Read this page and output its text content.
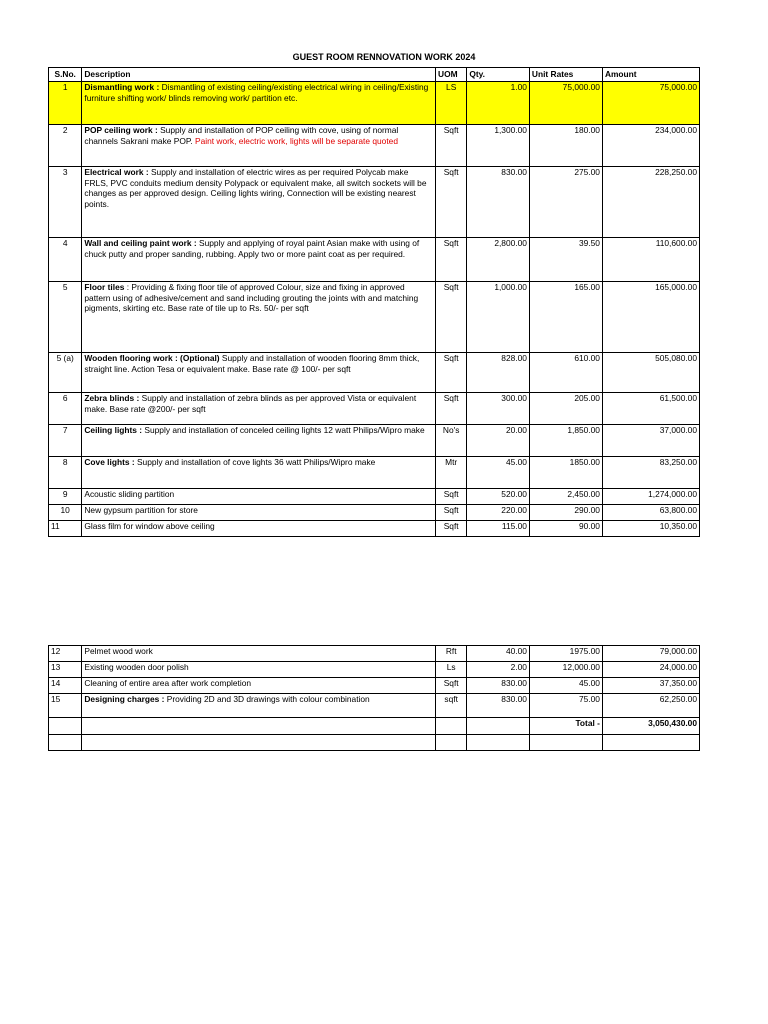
GUEST ROOM RENNOVATION WORK 2024
S.No.	Description	UOM	Qty.	Unit Rates	Amount
1	Dismantling work : Dismantling of existing ceiling/existing electrical wiring in ceiling/Existing furniture shifting work/ blinds removing work/ partition etc.	LS	1.00	75,000.00	75,000.00
2	POP ceiling work : Supply and installation of POP ceiling with cove, using of normal channels Sakrani make POP. Paint work, electric work, lights will be separate quoted	Sqft	1,300.00	180.00	234,000.00
3	Electrical work : Supply and installation of electric wires as per required Polycab make FRLS, PVC conduits medium density Polypack or equivalent make, all switch sockets will be changes as per approved design. Ceiling lights wiring, Connection will be existing nearest points.	Sqft	830.00	275.00	228,250.00
4	Wall and ceiling paint work : Supply and applying of royal paint Asian make with using of chuck putty and proper sanding, rubbing. Apply two or more paint coat as per required.	Sqft	2,800.00	39.50	110,600.00
5	Floor tiles : Providing & fixing floor tile of approved Colour, size and fixing in approved pattern using of adhesive/cement and sand including grouting the joints with and matching pigments, skirting etc. Base rate of tile up to Rs. 50/- per sqft	Sqft	1,000.00	165.00	165,000.00
5 (a)	Wooden flooring work : (Optional) Supply and installation of wooden flooring 8mm thick, straight line. Action Tesa or equivalent make. Base rate @ 100/- per sqft	Sqft	828.00	610.00	505,080.00
6	Zebra blinds : Supply and installation of zebra blinds as per approved Vista or equivalent make. Base rate @200/- per sqft	Sqft	300.00	205.00	61,500.00
7	Ceiling lights : Supply and installation of conceled ceiling lights 12 watt Philips/Wipro make	No's	20.00	1,850.00	37,000.00
8	Cove lights : Supply and installation of cove lights 36 watt Philips/Wipro make	Mtr	45.00	1850.00	83,250.00
9	Acoustic sliding partition	Sqft	520.00	2,450.00	1,274,000.00
10	New gypsum partition for store	Sqft	220.00	290.00	63,800.00
11	Glass film for window above ceiling	Sqft	115.00	90.00	10,350.00
12	Pelmet wood work	Rft	40.00	1975.00	79,000.00
13	Existing wooden door polish	Ls	2.00	12,000.00	24,000.00
14	Cleaning of entire area after work completion	Sqft	830.00	45.00	37,350.00
15	Designing charges : Providing 2D and 3D drawings with colour combination	sqft	830.00	75.00	62,250.00
				Total -	3,050,430.00
